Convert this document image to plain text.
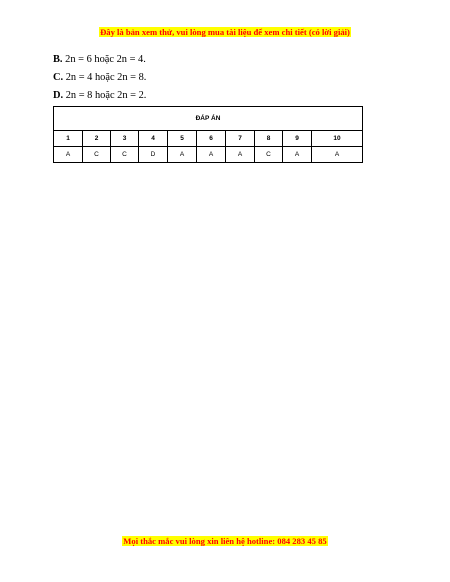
Đây là bản xem thử, vui lòng mua tài liệu để xem chi tiết (có lời giải)
B. 2n = 6 hoặc 2n = 4.
C. 2n = 4 hoặc 2n = 8.
D. 2n = 8 hoặc 2n = 2.
ĐÁP ÁN									
1	2	3	4	5	6	7	8	9	10
A	C	C	D	A	A	A	C	A	A
Mọi thắc mắc vui lòng xin liên hệ hotline: 084 283 45 85
